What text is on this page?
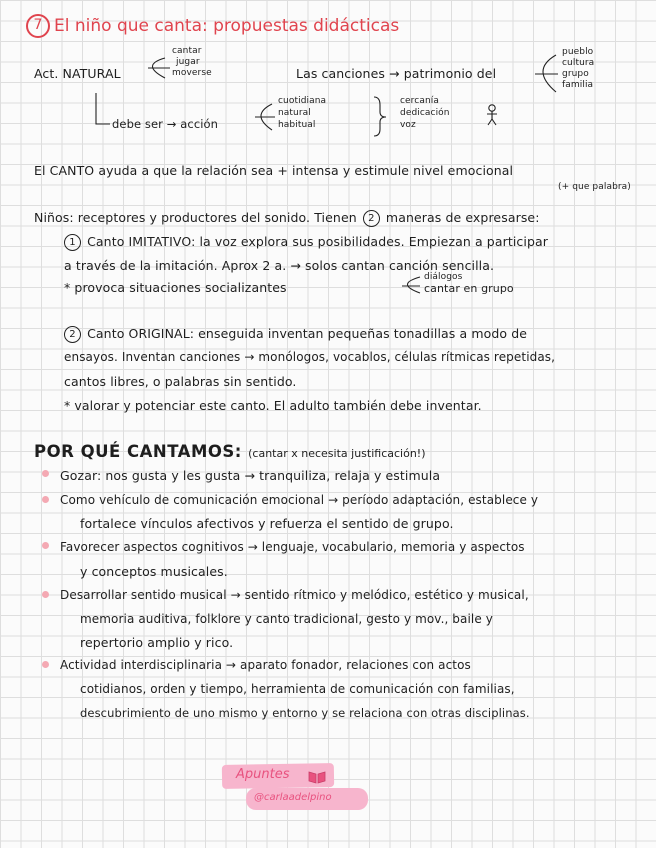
7 El niño que canta: propuestas didácticas
Act. NATURAL
cantar
jugar
moverse	Las canciones → patrimonio del
pueblo
cultura
grupo
familia
debe ser → acción
cuotidiana
natural
habitual
cercanía
dedicación
voz
El CANTO ayuda a que la relación sea + intensa y estimule nivel emocional
(+ que palabra)
Niños: receptores y productores del sonido. Tienen 2 maneras de expresarse:
1 Canto IMITATIVO: la voz explora sus posibilidades. Empiezan a participar
a través de la imitación. Aprox 2 a. → solos cantan canción sencilla.
* provoca situaciones socializantes
diálogos
cantar en grupo
2 Canto ORIGINAL: enseguida inventan pequeñas tonadillas a modo de
ensayos. Inventan canciones → monólogos, vocablos, células rítmicas repetidas,
cantos libres, o palabras sin sentido.
* valorar y potenciar este canto. El adulto también debe inventar.
POR QUÉ CANTAMOS: (cantar x necesita justificación!)
Gozar: nos gusta y les gusta → tranquiliza, relaja y estimula
Como vehículo de comunicación emocional → período adaptación, establece y
fortalece vínculos afectivos y refuerza el sentido de grupo.
Favorecer aspectos cognitivos → lenguaje, vocabulario, memoria y aspectos
y conceptos musicales.
Desarrollar sentido musical → sentido rítmico y melódico, estético y musical,
memoria auditiva, folklore y canto tradicional, gesto y mov., baile y
repertorio amplio y rico.
Actividad interdisciplinaria → aparato fonador, relaciones con actos
cotidianos, orden y tiempo, herramienta de comunicación con familias,
descubrimiento de uno mismo y entorno y se relaciona con otras disciplinas.
Apuntes
@carlaadelpino
